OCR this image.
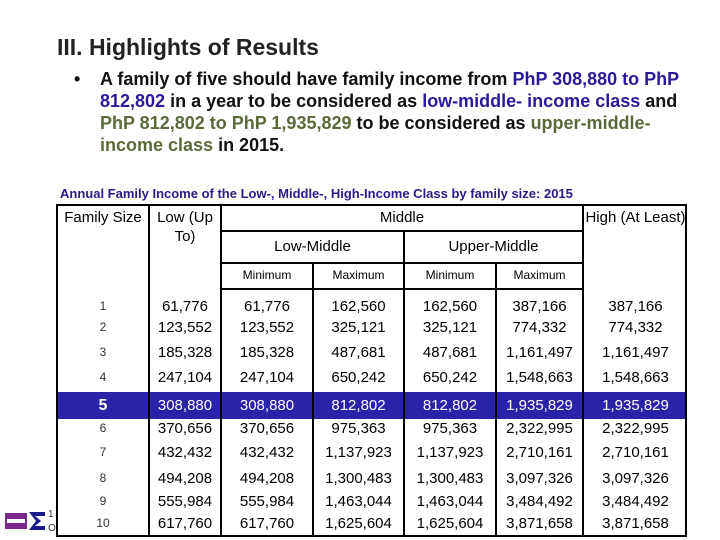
III. Highlights of Results
•	A family of five should have family income from PhP 308,880 to PhP 812,802 in a year to be considered as low-middle- income class and PhP 812,802 to PhP 1,935,829 to be considered as upper-middle- income class in 2015.
Annual Family Income of the Low-, Middle-, High-Income Class by family size: 2015
Family Size	Low (Up To)
Middle	High (At Least)
Low-Middle	Upper-Middle
Minimum	Maximum	Minimum	Maximum
1	61,776	61,776	162,560	162,560	387,166	387,166
2	123,552	123,552	325,121	325,121	774,332	774,332
3	185,328	185,328	487,681	487,681	1,161,497	1,161,497
4	247,104	247,104	650,242	650,242	1,548,663	1,548,663
5	308,880	308,880	812,802	812,802	1,935,829	1,935,829
6	370,656	370,656	975,363	975,363	2,322,995	2,322,995
7	432,432	432,432	1,137,923	1,137,923	2,710,161	2,710,161
8	494,208	494,208	1,300,483	1,300,483	3,097,326	3,097,326
9	555,984	555,984	1,463,044	1,463,044	3,484,492	3,484,492
10	617,760	617,760	1,625,604	1,625,604	3,871,658	3,871,658
1
O
